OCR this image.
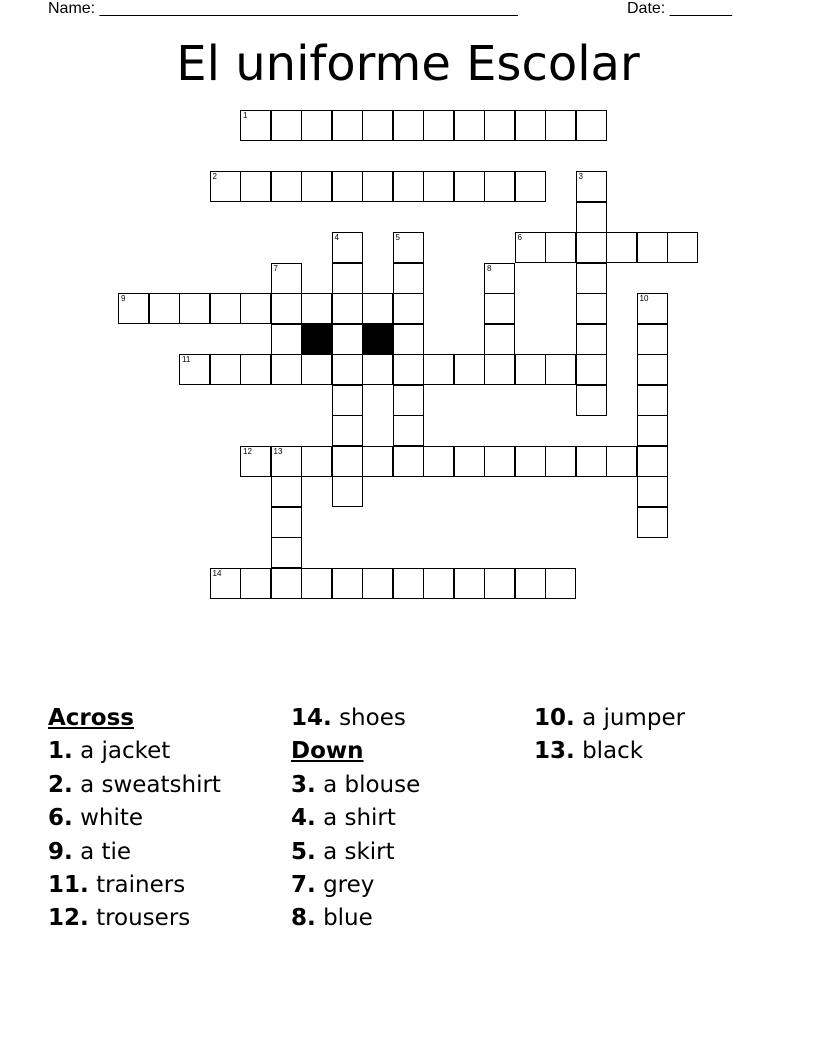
Name: _______________________________________________	Date: _______
El uniforme Escolar
1
2	3
4	5	6
7	8
9	10
11
12	13
14
Across
1. a jacket
2. a sweatshirt
6. white
9. a tie
11. trainers
12. trousers
14. shoes
Down
3. a blouse
4. a shirt
5. a skirt
7. grey
8. blue
10. a jumper
13. black
